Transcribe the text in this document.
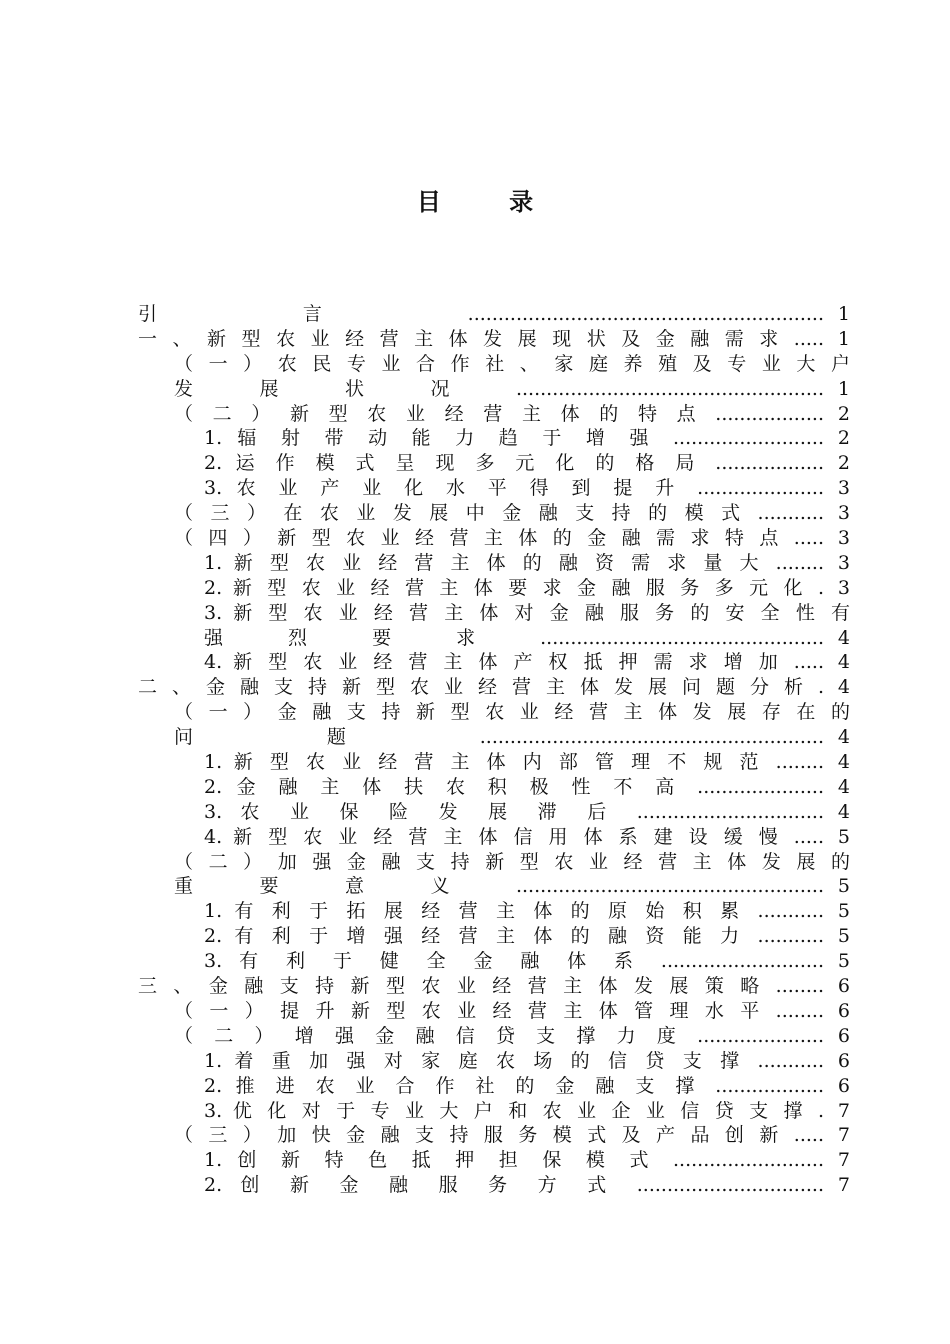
目 录
引 言 ........................................................... 1
一 、 新 型 农 业 经 营 主 体 发 展 现 状 及 金 融 需 求 ..... 1
（ 一 ） 农 民 专 业 合 作 社 、 家 庭 养 殖 及 专 业 大 户
发 展 状 况 ................................................... 1
（ 二 ） 新 型 农 业 经 营 主 体 的 特 点 .................. 2
1. 辐 射 带 动 能 力 趋 于 增 强 ......................... 2
2. 运 作 模 式 呈 现 多 元 化 的 格 局 .................. 2
3. 农 业 产 业 化 水 平 得 到 提 升 ..................... 3
（ 三 ） 在 农 业 发 展 中 金 融 支 持 的 模 式 ........... 3
（ 四 ） 新 型 农 业 经 营 主 体 的 金 融 需 求 特 点 ..... 3
1. 新 型 农 业 经 营 主 体 的 融 资 需 求 量 大 ........ 3
2. 新 型 农 业 经 营 主 体 要 求 金 融 服 务 多 元 化 . 3
3. 新 型 农 业 经 营 主 体 对 金 融 服 务 的 安 全 性 有
强 烈 要 求 ............................................... 4
4. 新 型 农 业 经 营 主 体 产 权 抵 押 需 求 增 加 ..... 4
二 、 金 融 支 持 新 型 农 业 经 营 主 体 发 展 问 题 分 析 . 4
（ 一 ） 金 融 支 持 新 型 农 业 经 营 主 体 发 展 存 在 的
问 题 ......................................................... 4
1. 新 型 农 业 经 营 主 体 内 部 管 理 不 规 范 ........ 4
2. 金 融 主 体 扶 农 积 极 性 不 高 ..................... 4
3. 农 业 保 险 发 展 滞 后 ............................... 4
4. 新 型 农 业 经 营 主 体 信 用 体 系 建 设 缓 慢 ..... 5
（ 二 ） 加 强 金 融 支 持 新 型 农 业 经 营 主 体 发 展 的
重 要 意 义 ................................................... 5
1. 有 利 于 拓 展 经 营 主 体 的 原 始 积 累 ........... 5
2. 有 利 于 增 强 经 营 主 体 的 融 资 能 力 ........... 5
3. 有 利 于 健 全 金 融 体 系 ........................... 5
三 、 金 融 支 持 新 型 农 业 经 营 主 体 发 展 策 略 ........ 6
（ 一 ） 提 升 新 型 农 业 经 营 主 体 管 理 水 平 ........ 6
（ 二 ） 增 强 金 融 信 贷 支 撑 力 度 ..................... 6
1. 着 重 加 强 对 家 庭 农 场 的 信 贷 支 撑 ........... 6
2. 推 进 农 业 合 作 社 的 金 融 支 撑 .................. 6
3. 优 化 对 于 专 业 大 户 和 农 业 企 业 信 贷 支 撑 . 7
（ 三 ） 加 快 金 融 支 持 服 务 模 式 及 产 品 创 新 ..... 7
1. 创 新 特 色 抵 押 担 保 模 式 ......................... 7
2. 创 新 金 融 服 务 方 式 ............................... 7
